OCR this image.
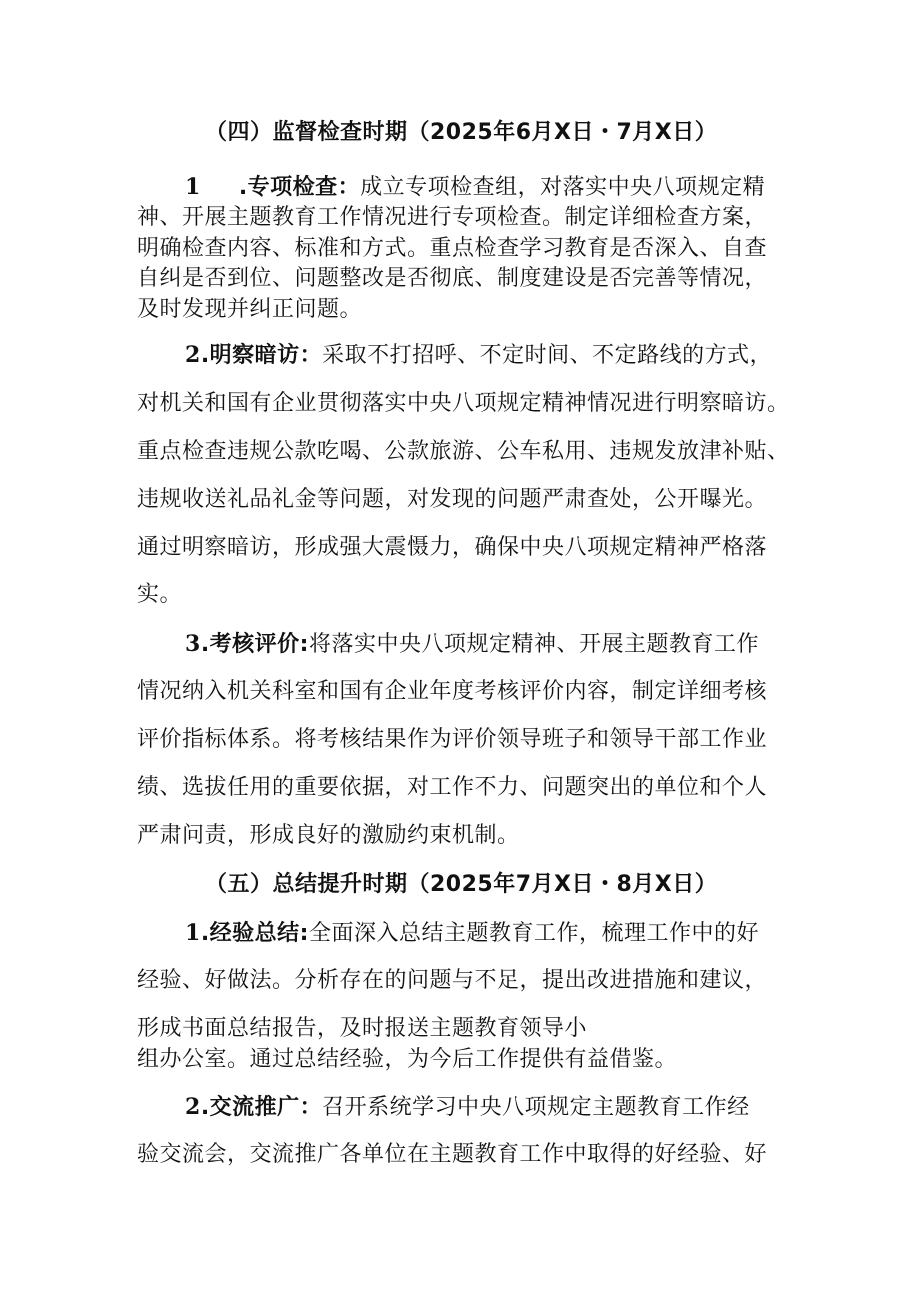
（四）监督检查时期（2025年6月X日・7月X日）
1 .专项检查：成立专项检查组，对落实中央八项规定精
神、开展主题教育工作情况进行专项检查。制定详细检查方案，
明确检查内容、标准和方式。重点检查学习教育是否深入、自查
自纠是否到位、问题整改是否彻底、制度建设是否完善等情况，
及时发现并纠正问题。
2.明察暗访：采取不打招呼、不定时间、不定路线的方式，
对机关和国有企业贯彻落实中央八项规定精神情况进行明察暗访。
重点检查违规公款吃喝、公款旅游、公车私用、违规发放津补贴、
违规收送礼品礼金等问题，对发现的问题严肃查处，公开曝光。
通过明察暗访，形成强大震慑力，确保中央八项规定精神严格落
实。
3.考核评价:将落实中央八项规定精神、开展主题教育工作
情况纳入机关科室和国有企业年度考核评价内容，制定详细考核
评价指标体系。将考核结果作为评价领导班子和领导干部工作业
绩、选拔任用的重要依据，对工作不力、问题突出的单位和个人
严肃问责，形成良好的激励约束机制。
（五）总结提升时期（2025年7月X日・8月X日）
1.经验总结:全面深入总结主题教育工作，梳理工作中的好
经验、好做法。分析存在的问题与不足，提出改进措施和建议，
形成书面总结报告，及时报送主题教育领导小
组办公室。通过总结经验，为今后工作提供有益借鉴。
2.交流推广：召开系统学习中央八项规定主题教育工作经
验交流会，交流推广各单位在主题教育工作中取得的好经验、好
